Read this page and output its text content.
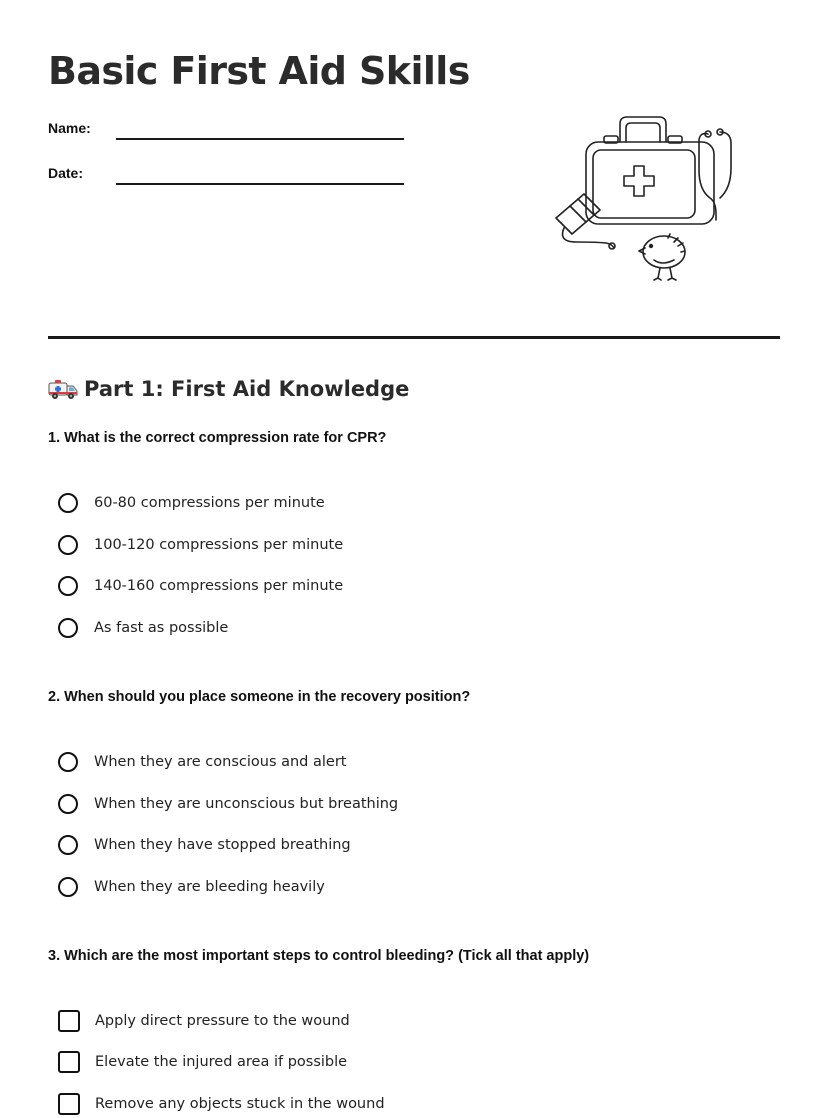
Basic First Aid Skills
Name:
Date:
Part 1: First Aid Knowledge

1. What is the correct compression rate for CPR?

60-80 compressions per minute
100-120 compressions per minute
140-160 compressions per minute
As fast as possible

2. When should you place someone in the recovery position?

When they are conscious and alert
When they are unconscious but breathing
When they have stopped breathing
When they are bleeding heavily

3. Which are the most important steps to control bleeding? (Tick all that apply)

Apply direct pressure to the wound
Elevate the injured area if possible
Remove any objects stuck in the wound
